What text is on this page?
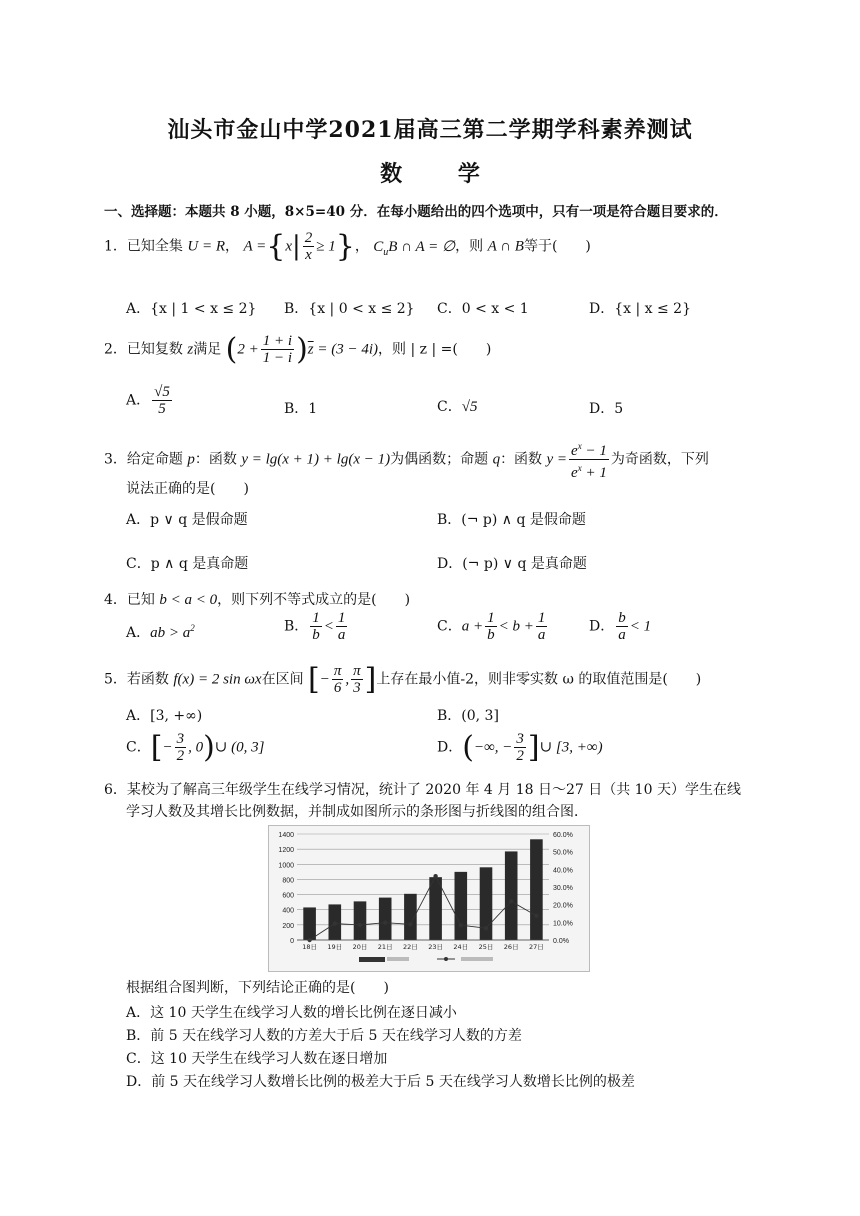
汕头市金山中学2021届高三第二学期学科素养测试
数 学
一、选择题：本题共 8 小题，8×5=40 分．在每小题给出的四个选项中，只有一项是符合题目要求的．
1．已知全集 U = R， $A =\{x| \frac{2}{x} \ge 1\}$， $C_uB$ ∩ A = ∅，则 A ∩ B等于(　　)
A．{x | 1 < x ≤ 2} B．{x | 0 < x ≤ 2} C．0 < x < 1	D．{x | x ≤ 2}
2．已知复数 z满足 $(2 + \frac{1 + i}{1 - i} )\overline{z} = (3 - 4i)$，则 | z | =(　　)
A． $\frac{√5}{5}$	B．1	C．√5	D．5
3．给定命题 p：函数 y = lg(x + 1) + lg(x − 1)为偶函数；命题 q：函数 $y = \frac{e^x - 1}{e^x + 1}$ 为奇函数，下列
说法正确的是(　　)
A．p ∨ q 是假命题	B．(¬ p) ∧ q 是假命题
C．p ∧ q 是真命题	D．(¬ p) ∨ q 是真命题
4．已知 b < a < 0，则下列不等式成立的是(　　)
A．ab > $a^2$	B． $\frac{1}{b} < \frac{1}{a}$	C．$a + \frac{1}{b} < b + \frac{1}{a}$	D． $\frac{b}{a} < 1$
5．若函数 f(x) = 2 sin ωx在区间 [− $\frac{\pi}{6}$ , $\frac{\pi}{3}$ ]上存在最小值-2，则非零实数 ω 的取值范围是(　　)
A．[3, +∞)	B．(0, 3]
C．[− $\frac{3}{2}$ , 0)∪ (0, 3]	D．(−∞, − $\frac{3}{2}$ ]∪ [3, +∞)
6．某校为了解高三年级学生在线学习情况，统计了 2020 年 4 月 18 日～27 日（共 10 天）学生在线
学习人数及其增长比例数据，并制成如图所示的条形图与折线图的组合图．
0
200
400
600
800
1000
1200
1400
0.0%
10.0%
20.0%
30.0%
40.0%
50.0%
60.0%
18日 19日 20日 21日 22日 23日 24日 25日 26日 27日
根据组合图判断，下列结论正确的是(　　)
A．这 10 天学生在线学习人数的增长比例在逐日减小
B．前 5 天在线学习人数的方差大于后 5 天在线学习人数的方差
C．这 10 天学生在线学习人数在逐日增加
D．前 5 天在线学习人数增长比例的极差大于后 5 天在线学习人数增长比例的极差
